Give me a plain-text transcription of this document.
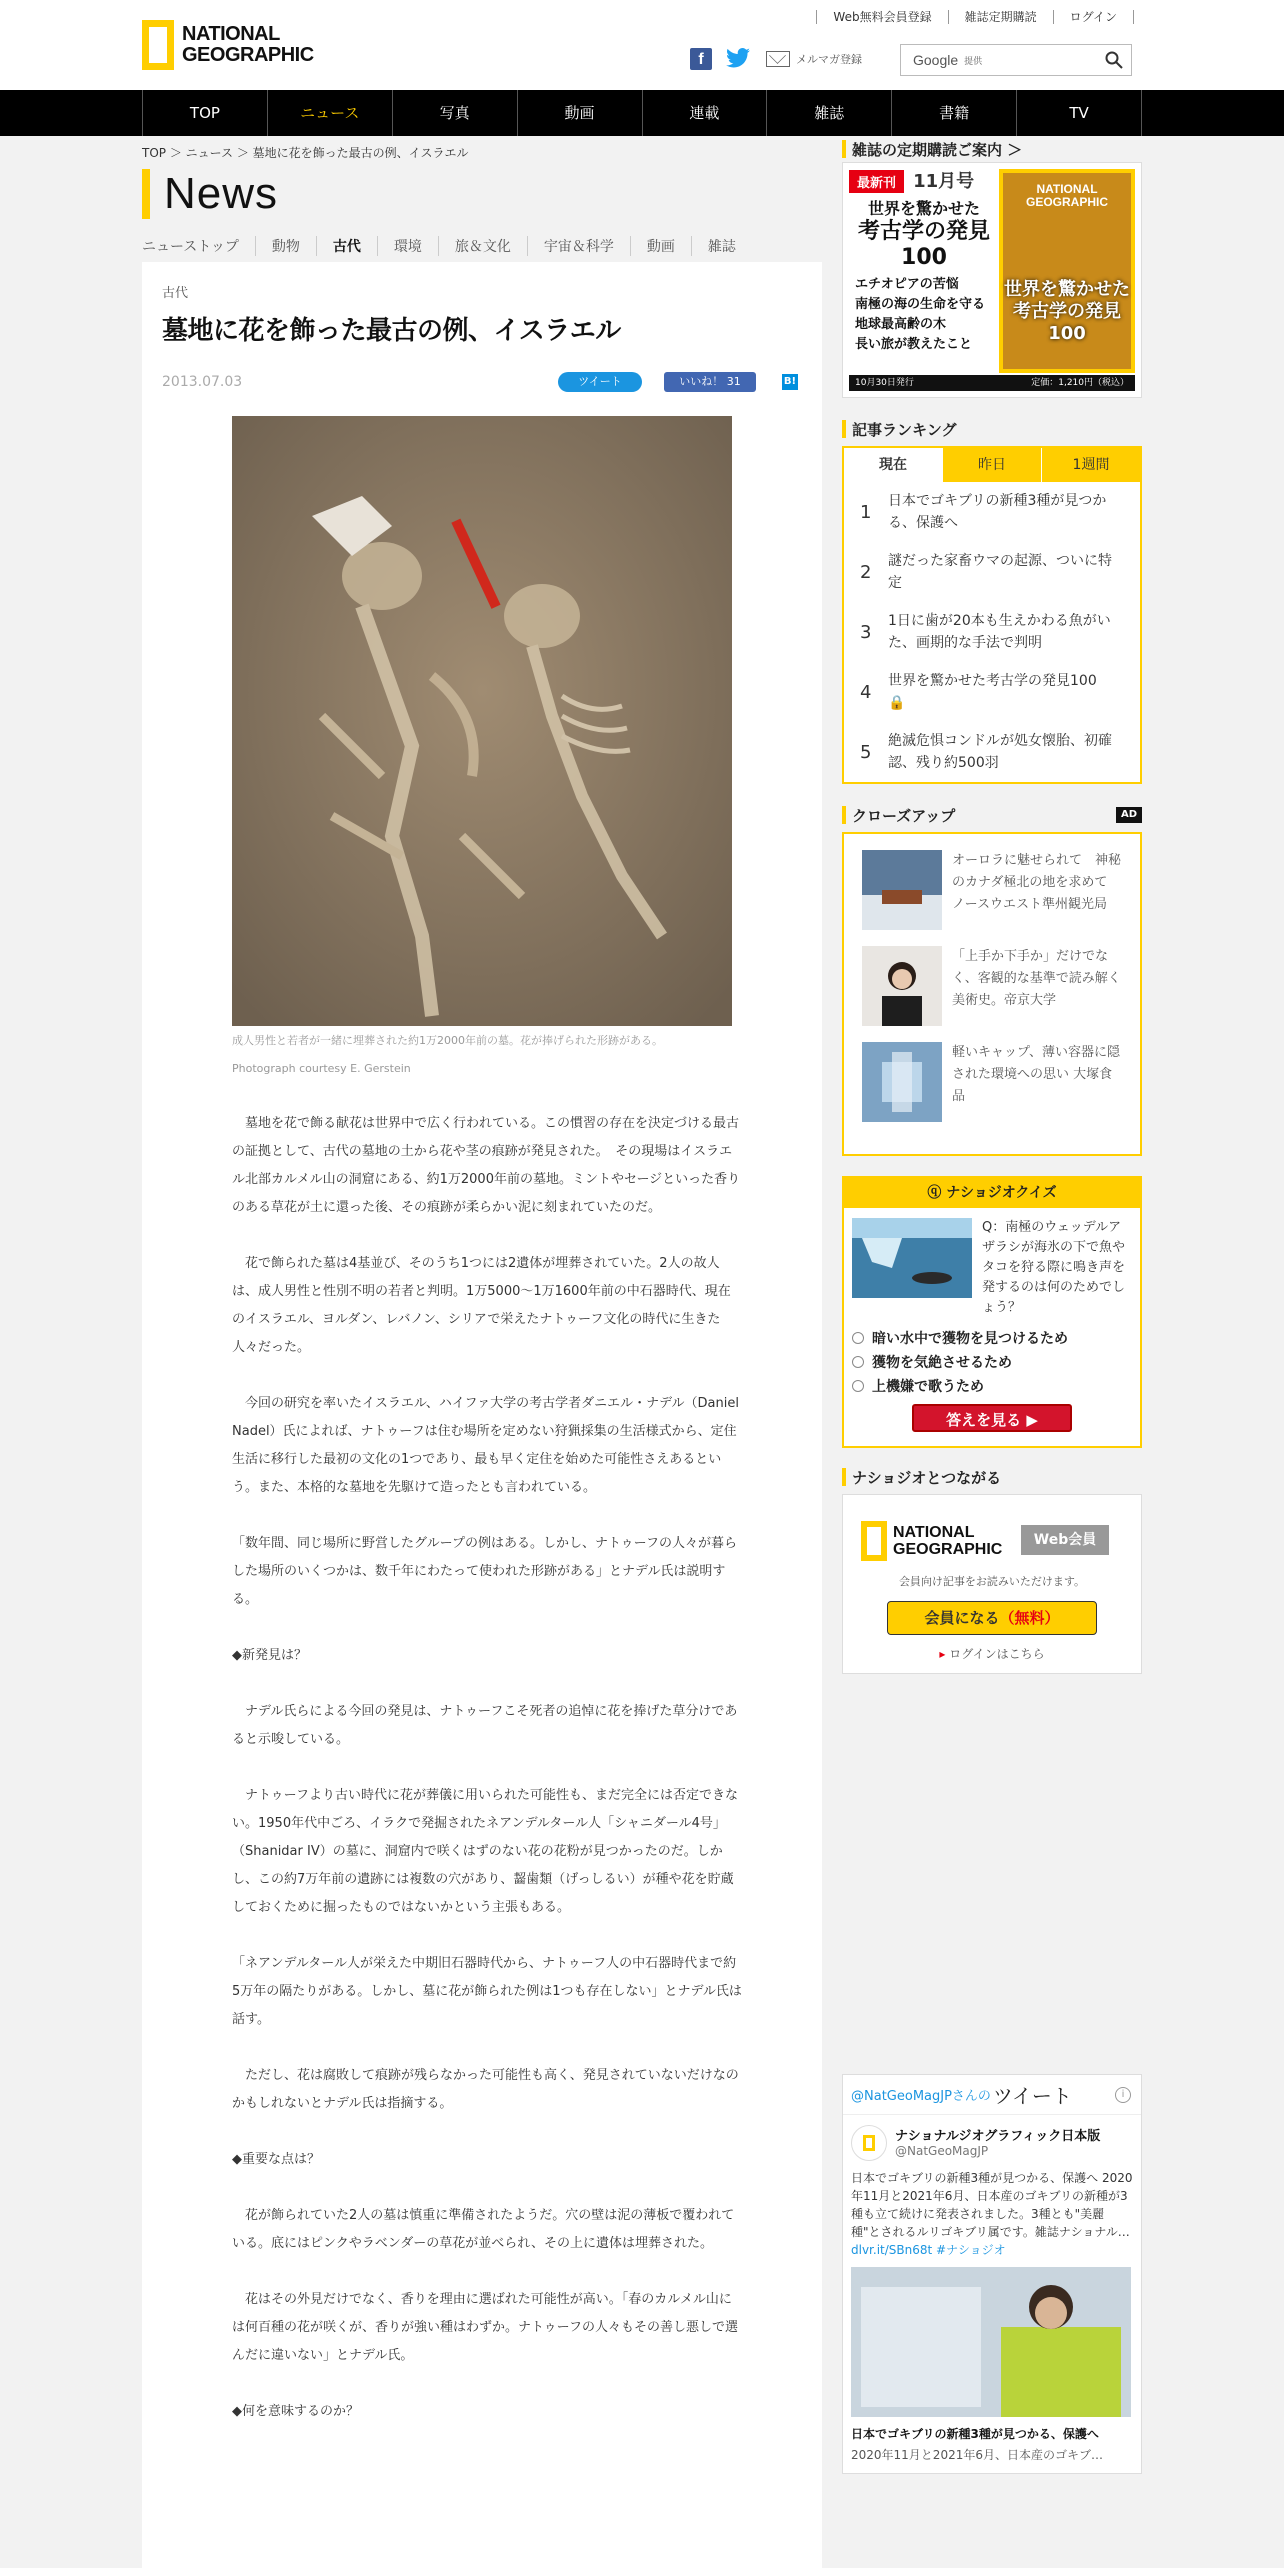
NATIONAL
GEOGRAPHIC
Web無料会員登録	雑誌定期購読	ログイン
f	メルマガ登録	Google 提供
TOP	ニュース	写真	動画	連載	雑誌	書籍	TV
TOP ＞ ニュース ＞ 墓地に花を飾った最古の例、イスラエル
News
ニューストップ	動物	古代	環境	旅＆文化	宇宙＆科学	動画	雑誌
古代
墓地に花を飾った最古の例、イスラエル
2013.07.03	ツイート	いいね！ 31	B!
成人男性と若者が一緒に埋葬された約1万2000年前の墓。花が捧げられた形跡がある。
Photograph courtesy E. Gerstein

　墓地を花で飾る献花は世界中で広く行われている。この慣習の存在を決定づける最古の証拠として、古代の墓地の土から花や茎の痕跡が発見された。　その現場はイスラエル北部カルメル山の洞窟にある、約1万2000年前の墓地。ミントやセージといった香りのある草花が土に還った後、その痕跡が柔らかい泥に刻まれていたのだ。

　花で飾られた墓は4基並び、そのうち1つには2遺体が埋葬されていた。2人の故人は、成人男性と性別不明の若者と判明。1万5000～1万1600年前の中石器時代、現在のイスラエル、ヨルダン、レバノン、シリアで栄えたナトゥーフ文化の時代に生きた人々だった。

　今回の研究を率いたイスラエル、ハイファ大学の考古学者ダニエル・ナデル（Daniel Nadel）氏によれば、ナトゥーフは住む場所を定めない狩猟採集の生活様式から、定住生活に移行した最初の文化の1つであり、最も早く定住を始めた可能性さえあるという。また、本格的な墓地を先駆けて造ったとも言われている。

「数年間、同じ場所に野営したグループの例はある。しかし、ナトゥーフの人々が暮らした場所のいくつかは、数千年にわたって使われた形跡がある」とナデル氏は説明する。

◆新発見は？

　ナデル氏らによる今回の発見は、ナトゥーフこそ死者の追悼に花を捧げた草分けであると示唆している。

　ナトゥーフより古い時代に花が葬儀に用いられた可能性も、まだ完全には否定できない。1950年代中ごろ、イラクで発掘されたネアンデルタール人「シャニダール4号」（Shanidar IV）の墓に、洞窟内で咲くはずのない花の花粉が見つかったのだ。しかし、この約7万年前の遺跡には複数の穴があり、齧歯類（げっしるい）が種や花を貯蔵しておくために掘ったものではないかという主張もある。

「ネアンデルタール人が栄えた中期旧石器時代から、ナトゥーフ人の中石器時代まで約5万年の隔たりがある。しかし、墓に花が飾られた例は1つも存在しない」とナデル氏は話す。

　ただし、花は腐敗して痕跡が残らなかった可能性も高く、発見されていないだけなのかもしれないとナデル氏は指摘する。

◆重要な点は？

　花が飾られていた2人の墓は慎重に準備されたようだ。穴の壁は泥の薄板で覆われている。底にはピンクやラベンダーの草花が並べられ、その上に遺体は埋葬された。

　花はその外見だけでなく、香りを理由に選ばれた可能性が高い。「春のカルメル山には何百種の花が咲くが、香りが強い種はわずか。ナトゥーフの人々もその善し悪しで選んだに違いない」とナデル氏。

◆何を意味するのか？

雑誌の定期購読ご案内 ＞
最新刊 11月号
世界を驚かせた
考古学の発見
100
エチオピアの苦悩
南極の海の生命を守る
地球最高齢の木
長い旅が教えたこと
NATIONAL
GEOGRAPHIC
世界を驚かせた考古学の発見100
10月30日発行	定価：1,210円（税込）
記事ランキング
現在	昨日	1週間
1
日本でゴキブリの新種3種が見つかる、保護へ
2
謎だった家畜ウマの起源、ついに特定
3
1日に歯が20本も生えかわる魚がいた、画期的な手法で判明
4
世界を驚かせた考古学の発見100 🔒
5
絶滅危惧コンドルが処女懐胎、初確認、残り約500羽
クローズアップ	AD
オーロラに魅せられて　神秘のカナダ極北の地を求めて ノースウエスト準州観光局
「上手か下手か」だけでなく、客観的な基準で読み解く美術史。帝京大学
軽いキャップ、薄い容器に隠された環境への思い 大塚食品
ⓠ ナショジオクイズ
Q：南極のウェッデルアザラシが海氷の下で魚やタコを狩る際に鳴き声を発するのは何のためでしょう？
暗い水中で獲物を見つけるため
獲物を気絶させるため
上機嫌で歌うため
答えを見る ▶
ナショジオとつながる
NATIONAL
GEOGRAPHIC
Web会員
会員向け記事をお読みいただけます。
会員になる（無料）
▸ ログインはこちら
@NatGeoMagJPさんの ツイート	i
ナショナルジオグラフィック日本版
@NatGeoMagJP
日本でゴキブリの新種3種が見つかる、保護へ 2020年11月と2021年6月、日本産のゴキブリの新種が3種も立て続けに発表されました。3種とも"美麗種"とされるルリゴキブリ属です。雑誌ナショナル… dlvr.it/SBn68t #ナショジオ
日本でゴキブリの新種3種が見つかる、保護へ
2020年11月と2021年6月、日本産のゴキブ…
